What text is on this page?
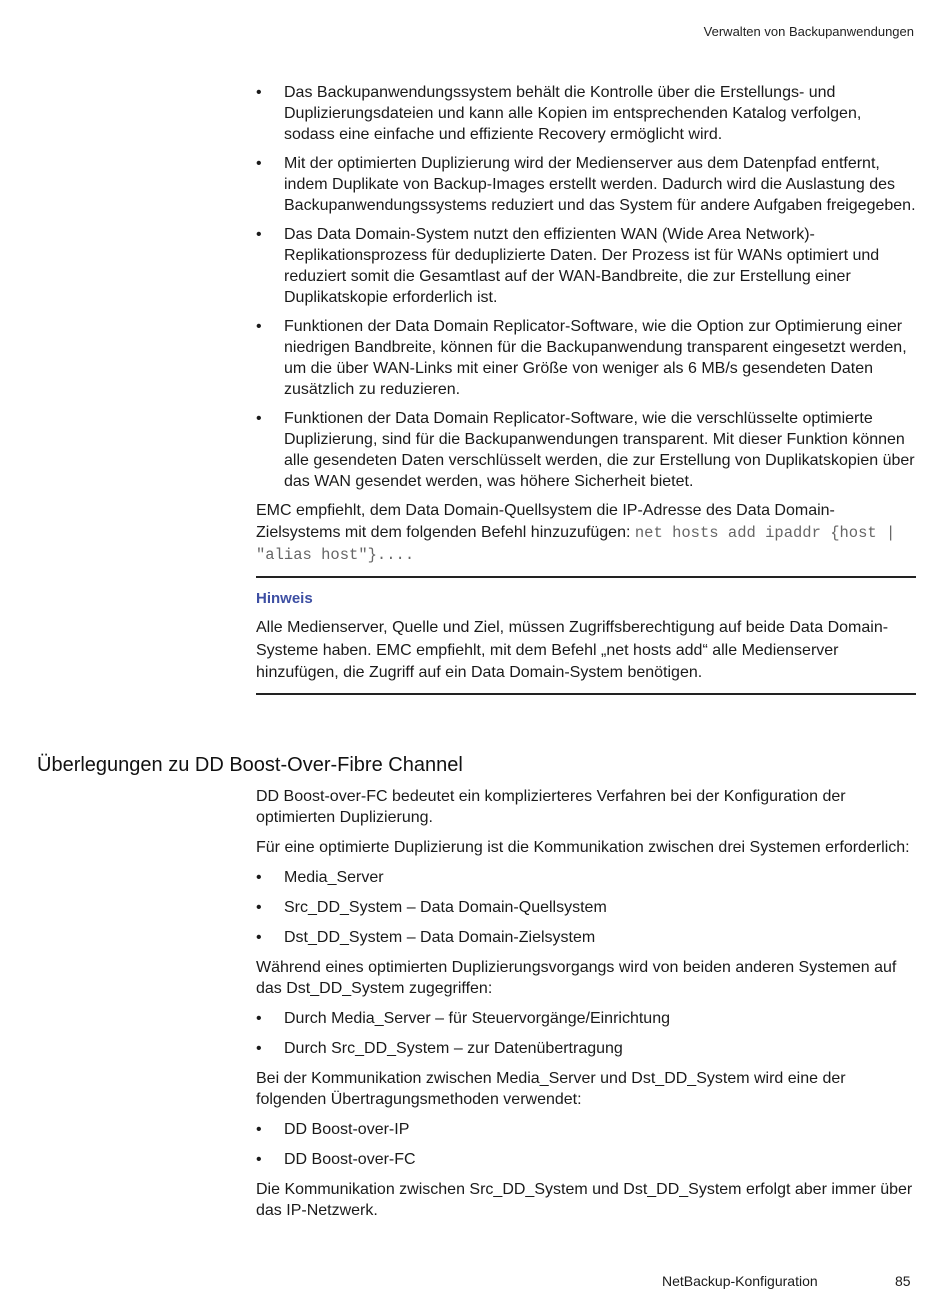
Verwalten von Backupanwendungen
• Das Backupanwendungssystem behält die Kontrolle über die Erstellungs- und Duplizierungsdateien und kann alle Kopien im entsprechenden Katalog verfolgen, sodass eine einfache und effiziente Recovery ermöglicht wird.
• Mit der optimierten Duplizierung wird der Medienserver aus dem Datenpfad entfernt, indem Duplikate von Backup-Images erstellt werden. Dadurch wird die Auslastung des Backupanwendungssystems reduziert und das System für andere Aufgaben freigegeben.
• Das Data Domain-System nutzt den effizienten WAN (Wide Area Network)-Replikationsprozess für deduplizierte Daten. Der Prozess ist für WANs optimiert und reduziert somit die Gesamtlast auf der WAN-Bandbreite, die zur Erstellung einer Duplikatskopie erforderlich ist.
• Funktionen der Data Domain Replicator-Software, wie die Option zur Optimierung einer niedrigen Bandbreite, können für die Backupanwendung transparent eingesetzt werden, um die über WAN-Links mit einer Größe von weniger als 6 MB/s gesendeten Daten zusätzlich zu reduzieren.
• Funktionen der Data Domain Replicator-Software, wie die verschlüsselte optimierte Duplizierung, sind für die Backupanwendungen transparent. Mit dieser Funktion können alle gesendeten Daten verschlüsselt werden, die zur Erstellung von Duplikatskopien über das WAN gesendet werden, was höhere Sicherheit bietet.

EMC empfiehlt, dem Data Domain-Quellsystem die IP-Adresse des Data Domain-Zielsystems mit dem folgenden Befehl hinzuzufügen: net hosts add ipaddr {host | "alias host"}....

Hinweis
Alle Medienserver, Quelle und Ziel, müssen Zugriffsberechtigung auf beide Data Domain-Systeme haben. EMC empfiehlt, mit dem Befehl „net hosts add“ alle Medienserver hinzufügen, die Zugriff auf ein Data Domain-System benötigen.
Überlegungen zu DD Boost-Over-Fibre Channel

DD Boost-over-FC bedeutet ein komplizierteres Verfahren bei der Konfiguration der optimierten Duplizierung.

Für eine optimierte Duplizierung ist die Kommunikation zwischen drei Systemen erforderlich:

• Media_Server
• Src_DD_System – Data Domain-Quellsystem
• Dst_DD_System – Data Domain-Zielsystem

Während eines optimierten Duplizierungsvorgangs wird von beiden anderen Systemen auf das Dst_DD_System zugegriffen:

• Durch Media_Server – für Steuervorgänge/Einrichtung
• Durch Src_DD_System – zur Datenübertragung

Bei der Kommunikation zwischen Media_Server und Dst_DD_System wird eine der folgenden Übertragungsmethoden verwendet:

• DD Boost-over-IP
• DD Boost-over-FC

Die Kommunikation zwischen Src_DD_System und Dst_DD_System erfolgt aber immer über das IP-Netzwerk.

NetBackup-Konfiguration	85
